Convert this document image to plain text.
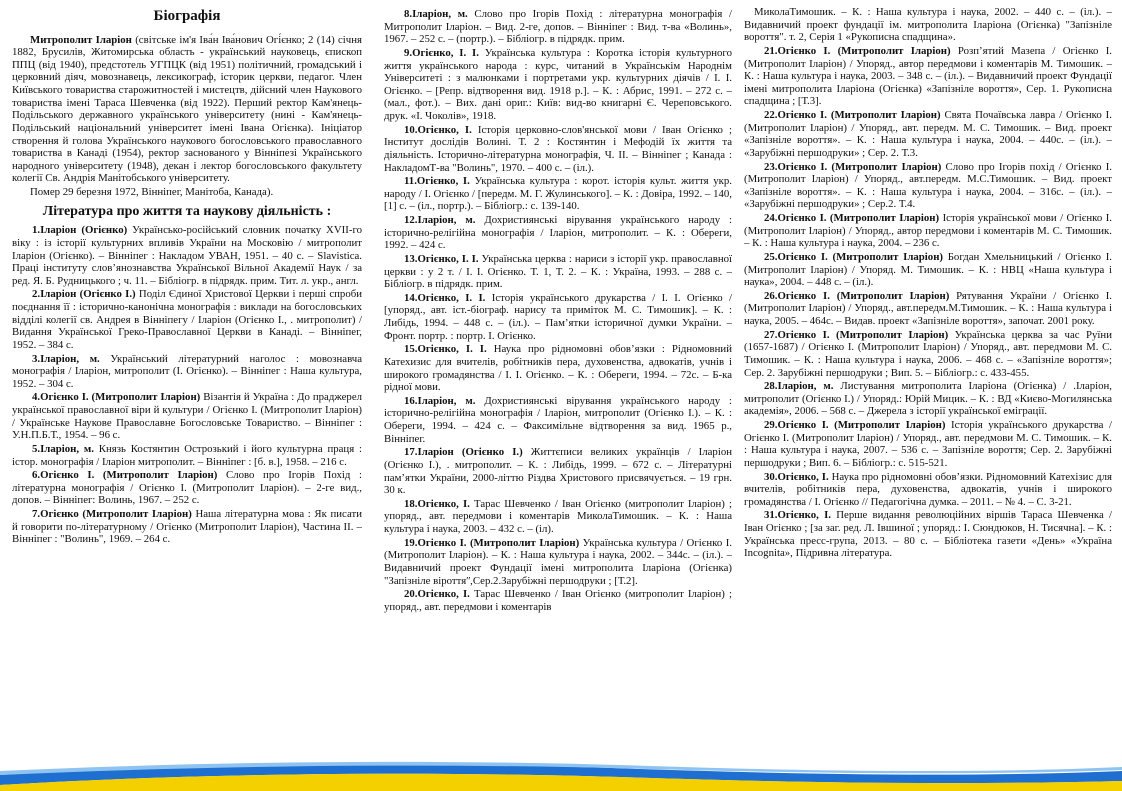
Біографія

Митрополит Іларіон (світське ім'я Іва́н Іва́нович Огі́єнко; 2 (14) січня 1882, Брусилів, Житомирська область - український науковець, єпископ ППЦ (від 1940), предстотель УГПЦК (від 1951) політичний, громадський і церковний діяч, мовознавець, лексикограф, історик церкви, педагог. Член Київського товариства старожитностей і мистецтв, дійсний член Наукового товариства імені Тараса Шевченка (від 1922). Перший ректор Кам'янець-Подільського державного українського університету (нині - Кам'янець-Подільський національний університет імені Івана Огієнка). Ініціатор створення й голова Українського наукового богословського православного товариства в Канаді (1954), ректор заснованого у Вінніпезі Українського народного університету (1948), декан і лектор богословського факультету колегії Св. Андрія Манітобського університету.

Помер 29 березня 1972, Вінніпег, Манітоба, Канада).

Література про життя та наукову діяльність :

1.Іларіон (Огієнко) Українсько-російський словник початку XVII-го віку : із історії культурних впливів України на Московію / митрополит Іларіон (Огієнко). – Вінніпег : Накладом УВАН, 1951. – 40 с. – Slavistica. Праці інституту слов’янознавства Української Вільної Академії Наук / за ред. Я. Б. Рудницького ; ч. 11. – Бібліогр. в підрядк. прим. Тит. л. укр., англ.

2.Іларіон (Огієнко І.) Поділ Єдиної Христової Церкви і перші спроби поєднання її : історично-канонічна монографія : виклади на богословських відділі колегії св. Андрея в Вінніпегу / Іларіон (Огієнко І., . митрополит) / Видання Української Греко-Православної Церкви в Канаді. – Вінніпег, 1952. – 384 с.

3.Іларіон, м. Український літературний наголос : мовознавча монографія / Іларіон, митрополит (І. Огієнко). – Вінніпег : Наша культура, 1952. – 304 с.

4.Огієнко І. (Митрополит Іларіон) Візантія й Україна : До праджерел української православної віри й культури / Огієнко І. (Митрополит Іларіон) / Українське Наукове Православне Богословське Товариство. – Вінніпег : У.Н.П.Б.Т., 1954. – 96 с.

5.Іларіон, м. Князь Костянтин Острозький і його культурна праця : істор. монографія / Іларіон митрополит. – Вінніпег : [б. в.], 1958. – 216 с.

6.Огієнко І. (Митрополит Іларіон) Слово про Ігорів Похід : літературна монографія / Огієнко І. (Митрополит Іларіон). – 2-ге вид., допов. – Вінніпег: Волинь, 1967. – 252 с.

7.Огієнко (Митрополит Іларіон) Наша літературна мова : Як писати й говорити по-літературному / Огієнко (Митрополит Іларіон), Частина II. – Вінніпег : "Волинь", 1969. – 264 с.

8.Іларіон, м. Слово про Ігорів Похід : літературна монографія / Митрополит Іларіон. – Вид. 2-ге, допов. – Вінніпег : Вид. т-ва «Волинь», 1967. – 252 с. – (портр.). – Бібліогр. в підрядк. прим.

9.Огієнко, І. І. Українська культура : Коротка історія культурного життя українського народа : курс, читаний в Українськім Народнім Університеті : з малюнками і портретами укр. культурних діячів / І. І. Огієнко. – [Репр. відтворення вид. 1918 р.]. – К. : Абрис, 1991. – 272 с. – (мал., фот.). – Вих. дані ориг.: Київ: вид-во книгарні Є. Череповського. друк. «І. Чоколів», 1918.

10.Огієнко, І. Історія церковно-слов'янської мови / Іван Огієнко ; Інститут дослідів Волині. Т. 2 : Костянтин і Мефодій їх життя та діяльність. Історично-літературна монографія, Ч. II. – Вінніпег ; Канада : НакладомТ-ва "Волинь", 1970. – 400 с. – (іл.).

11.Огієнко, І. Українська культура : корот. історія культ. життя укр. народу / І. Огієнко / [передм. М. Г. Жулинського]. – К. : Довіра, 1992. – 140, [1] с. – (іл., портр.). – Бібліогр.: с. 139-140.

12.Іларіон, м. Дохристиянські вірування українського народу : історично-релігійна монографія / Іларіон, митрополит. – К. : Обереги, 1992. – 424 с.

13.Огієнко, І. І. Українська церква : нариси з історії укр. православної церкви : у 2 т. / І. І. Огієнко. Т. 1, Т. 2. – К. : Україна, 1993. – 288 с. – Бібліогр. в підрядк. прим.

14.Огієнко, І. І. Історія українського друкарства / І. І. Огієнко / [упоряд., авт. іст.-біограф. нарису та приміток М. С. Тимошик]. – К. : Либідь, 1994. – 448 с. – (іл.). – Пам’ятки історичної думки України. – Фронт. портр. : портр. І. Огієнко.

15.Огієнко, І. І. Наука про рідномовні обов’язки : Рідномовний Катехизис для вчителів, робітників пера, духовенства, адвокатів, учнів і широкого громадянства / І. І. Огієнко. – К. : Обереги, 1994. – 72с. – Б-ка рідної мови.

16.Іларіон, м. Дохристиянські вірування українського народу : історично-релігійна монографія / Іларіон, митрополит (Огієнко І.). – К. : Обереги, 1994. – 424 с. – Факсимільне відтворення за вид. 1965 р., Вінніпег.

17.Іларіон (Огієнко І.) Життєписи великих українців / Іларіон (Огієнко І.), . митрополит. – К. : Либідь, 1999. – 672 с. – Літературні пам’ятки України, 2000-літтю Різдва Христового присвячується. – 19 грн. 30 к.

18.Огієнко, І. Тарас Шевченко / Іван Огієнко (митрополит Іларіон) ; упоряд., авт. передмови і коментарів МиколаТимошик. – К. : Наша культура і наука, 2003. – 432 с. – (іл).

19.Огієнко І. (Митрополит Іларіон) Українська культура / Огієнко І. (Митрополит Іларіон). – К. : Наша культура і наука, 2002. – 344с. – (іл.). – Видавничий проект Фундації імені митрополита Іларіона (Огієнка) "Запізніле віроттяʺ,Сер.2.Зарубіжні першодруки ; [Т.2].

20.Огієнко, І. Тарас Шевченко / Іван Огієнко (митрополит Іларіон) ; упоряд., авт. передмови і коментарів

МиколаТимошик. – К. : Наша культура і наука, 2002. – 440 с. – (іл.). – Видавничий проект фундації ім. митрополита Іларіона (Огієнка) "Запізніле вороття". т. 2, Серія 1 «Рукописна спадщина».

21.Огієнко І. (Митрополит Іларіон) Розп’ятий Мазепа / Огієнко І. (Митрополит Іларіон) / Упоряд., автор передмови і коментарів М. Тимошик. – К. : Наша культура і наука, 2003. – 348 с. – (іл.). – Видавничий проект Фундації імені митрополита Іларіона (Огієнка) «Запізніле вороття», Сер. 1. Рукописна спадщина ; [Т.3].

22.Огієнко І. (Митрополит Іларіон) Свята Почаївська лавра / Огієнко І. (Митрополит Іларіон) / Упоряд., авт. передм. М. С. Тимошик. – Вид. проект «Запізніле вороття». – К. : Наша культура і наука, 2004. – 440с. – (іл.). – «Зарубіжні першодруки» ; Сер. 2. Т.3.

23.Огієнко І. (Митрополит Іларіон) Слово про Ігорів похід / Огієнко І. (Митрополит Іларіон) / Упоряд., авт.передм. М.С.Тимошик. – Вид. проект «Запізніле вороття». – К. : Наша культура і наука, 2004. – 316с. – (іл.). – «Зарубіжні першодруки» ; Сер.2. Т.4.

24.Огієнко І. (Митрополит Іларіон) Історія української мови / Огієнко І. (Митрополит Іларіон) / Упоряд., автор передмови і коментарів М. С. Тимошик. – К. : Наша культура і наука, 2004. – 236 с.

25.Огієнко І. (Митрополит Іларіон) Богдан Хмельницький / Огієнко І. (Митрополит Іларіон) / Упоряд. М. Тимошик. – К. : НВЦ «Наша культура і наука», 2004. – 448 с. – (іл.).

26.Огієнко І. (Митрополит Іларіон) Рятування України / Огієнко І. (Митрополит Іларіон) / Упоряд., авт.передм.М.Тимошик. – К. : Наша культура і наука, 2005. – 464с. – Видав. проект «Запізніле вороття», започат. 2001 року.

27.Огієнко І. (Митрополит Іларіон) Українська церква за час Руїни (1657-1687) / Огієнко І. (Митрополит Іларіон) / Упоряд., авт. передмови М. С. Тимошик. – К. : Наша культура і наука, 2006. – 468 с. – «Запізніле вороття»; Сер. 2. Зарубіжні першодруки ; Вип. 5. – Бібліогр.: с. 433-455.

28.Іларіон, м. Листування митрополита Іларіона (Огієнка) / .Іларіон, митрополит (Огієнко І.) / Упоряд.: Юрій Мицик. – К. : ВД «Києво-Могилянська академія», 2006. – 568 с. – Джерела з історії української еміграції.

29.Огієнко І. (Митрополит Іларіон) Історія українського друкарства / Огієнко І. (Митрополит Іларіон) / Упоряд., авт. передмови М. С. Тимошик. – К. : Наша культура і наука, 2007. – 536 с. – Запізніле вороття; Сер. 2. Зарубіжні першодруки ; Вип. 6. – Бібліогр.: с. 515-521.

30.Огієнко, І. Наука про рідномовні обов’язки. Рідномовний Катехізис для вчителів, робітників пера, духовенства, адвокатів, учнів і широкого громадянства / І. Огієнко // Педагогічна думка. – 2011. – № 4. – С. 3-21.

31.Огієнко, І. Перше видання революційних віршів Тараса Шевченка / Іван Огієнко ; [за заг. ред. Л. Івшиної ; упоряд.: І. Сюндюков, Н. Тисячна]. – К. : Українська пресс-група, 2013. – 80 с. – Бібліотека газети «День» «Україна Incognita», Підривна література.
